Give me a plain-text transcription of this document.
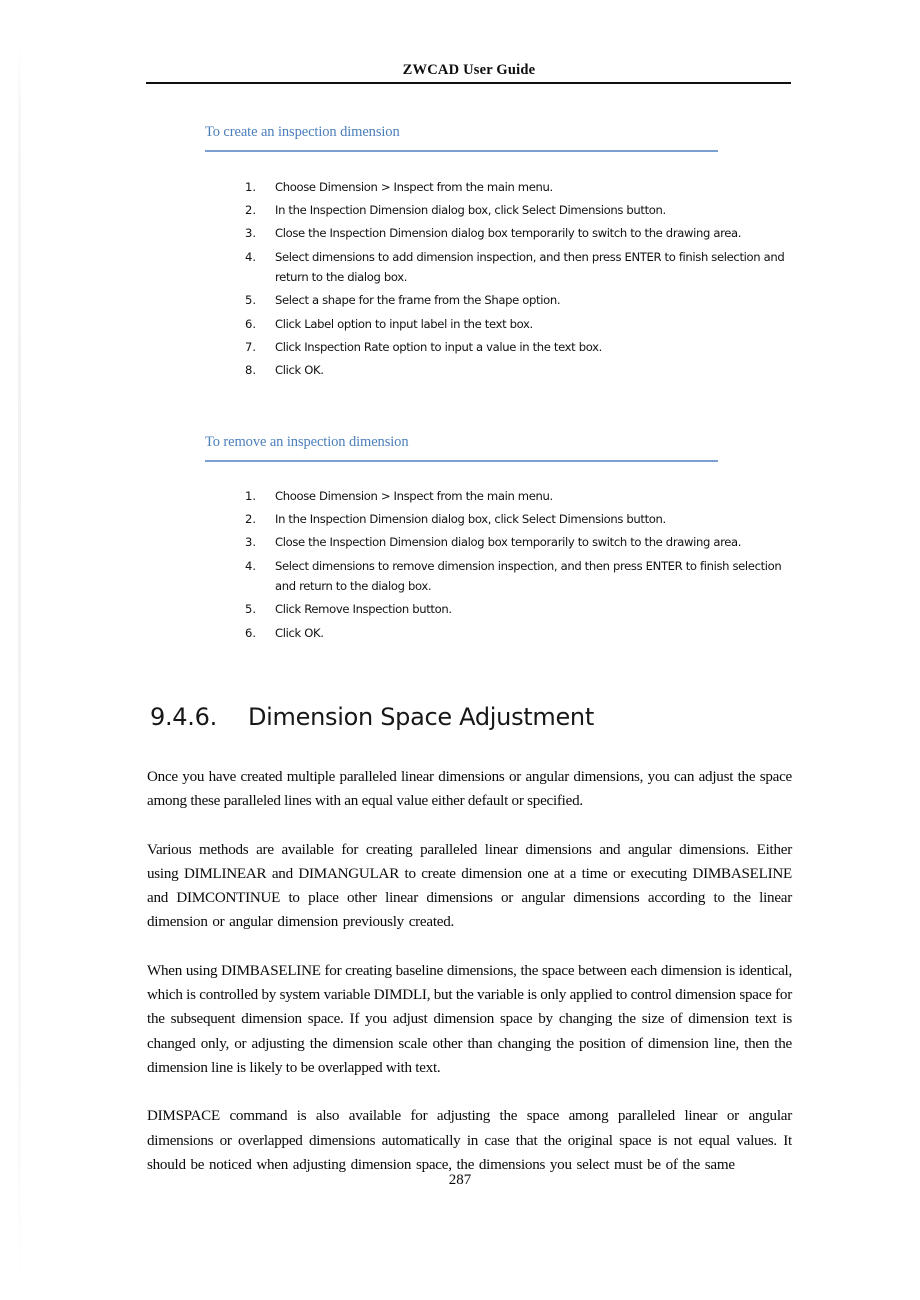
ZWCAD User Guide
To create an inspection dimension
1.	Choose Dimension > Inspect from the main menu.
2.	In the Inspection Dimension dialog box, click Select Dimensions button.
3.	Close the Inspection Dimension dialog box temporarily to switch to the drawing area.
4.	Select dimensions to add dimension inspection, and then press ENTER to finish selection and return to the dialog box.
5.	Select a shape for the frame from the Shape option.
6.	Click Label option to input label in the text box.
7.	Click Inspection Rate option to input a value in the text box.
8.	Click OK.
To remove an inspection dimension
1.	Choose Dimension > Inspect from the main menu.
2.	In the Inspection Dimension dialog box, click Select Dimensions button.
3.	Close the Inspection Dimension dialog box temporarily to switch to the drawing area.
4.	Select dimensions to remove dimension inspection, and then press ENTER to finish selection and return to the dialog box.
5.	Click Remove Inspection button.
6.	Click OK.
9.4.6. Dimension Space Adjustment

Once you have created multiple paralleled linear dimensions or angular dimensions, you can adjust the space among these paralleled lines with an equal value either default or specified.

Various methods are available for creating paralleled linear dimensions and angular dimensions. Either using DIMLINEAR and DIMANGULAR to create dimension one at a time or executing DIMBASELINE and DIMCONTINUE to place other linear dimensions or angular dimensions according to the linear dimension or angular dimension previously created.

When using DIMBASELINE for creating baseline dimensions, the space between each dimension is identical, which is controlled by system variable DIMDLI, but the variable is only applied to control dimension space for the subsequent dimension space. If you adjust dimension space by changing the size of dimension text is changed only, or adjusting the dimension scale other than changing the position of dimension line, then the dimension line is likely to be overlapped with text.

DIMSPACE command is also available for adjusting the space among paralleled linear or angular dimensions or overlapped dimensions automatically in case that the original space is not equal values. It should be noticed when adjusting dimension space, the dimensions you select must be of the same

287
